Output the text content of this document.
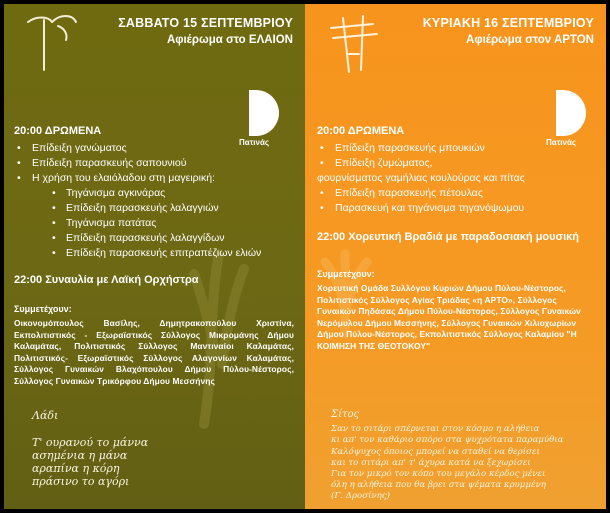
ΣΑΒΒΑΤΟ 15 ΣΕΠΤΕΜΒΡΙΟΥ
Αφιέρωμα στο ΕΛΑΙΟΝ
Πατινάς
20:00 ΔΡΩΜΕΝΑ
• Επίδειξη γανώματος
• Επίδειξη παρασκευής σαπουνιού
• Η χρήση του ελαιόλαδου στη μαγειρική:
• Τηγάνισμα αγκινάρας
• Επίδειξη παρασκευής λαλαγγιών
• Τηγάνισμα πατάτας
• Επίδειξη παρασκευής λαλαγγίδων
• Επίδειξη παρασκευής επιτραπέζιων ελιών
22:00 Συναυλία με Λαϊκή Ορχήστρα
Συμμετέχουν:
Οικονομόπουλος Βασίλης, Δημητρακοπούλου Χριστίνα, Εκπολιτιστικός - Εξωραϊστικός Σύλλογος Μικρομάνης Δήμου Καλαμάτας, Πολιτιστικός Σύλλογος Μαντιναίοι Καλαμάτας, Πολιτιστικός- Εξωραϊστικός Σύλλογος Αλαγονίων Καλαμάτας, Σύλλογος Γυναικών Βλαχόπουλου Δήμου Πύλου-Νέστορος, Σύλλογος Γυναικών Τρικόρφου Δήμου Μεσσήνης
Λάδι
Τ' ουρανού το μάννα
ασημένια η μάνα
αραπίνα η κόρη
πράσινο το αγόρι
ΚΥΡΙΑΚΗ 16 ΣΕΠΤΕΜΒΡΙΟΥ
Αφιέρωμα στον ΑΡΤΟΝ
Πατινάς
20:00 ΔΡΩΜΕΝΑ
• Επίδειξη παρασκευής μπουκιών
• Επίδειξη ζυμώματος,
φουρνίσματος γαμήλιας κουλούρας και πίτας
• Επίδειξη παρασκευής πέτουλας
• Παρασκευή και τηγάνισμα τηγανόψωμου
22:00 Χορευτική Βραδιά με παραδοσιακή μουσική
Συμμετέχουν:
Χορευτική Ομάδα Συλλόγου Κυριών Δήμου Πύλου-Νέστορος, Πολιτιστικός Σύλλογος Αγίας Τριάδας «η ΑΡΤΟ», Σύλλογος Γυναικών Πηδάσας Δήμου Πύλου-Νέστορος, Σύλλογος Γυναικών Νερόμυλου Δήμου Μεσσήνης, Σύλλογος Γυναικών Χιλιοχωρίων Δήμου Πύλου-Νέστορος, Εκπολιτιστικός Σύλλογος Καλαμίου "Η ΚΟΙΜΗΣΗ ΤΗΣ ΘΕΟΤΟΚΟΥ"
Σίτος
Σαν το σιτάρι σπέρνεται στον κόσμο η αλήθεια
κι απ' τον καθάριο σπόρο στα ψυχρότατα παραμύθια
Καλόψυχος όποιος μπορεί να σταθεί να θερίσει
και το σιτάρι απ' τ' άχυρα κατά να ξεχωρίσει
Για τον μικρό τον κόπο του μεγάλο κέρδος μένει
όλη η αλήθεια που θα βρει στα ψέματα κρυμμένη
(Γ. Δροσίνης)
